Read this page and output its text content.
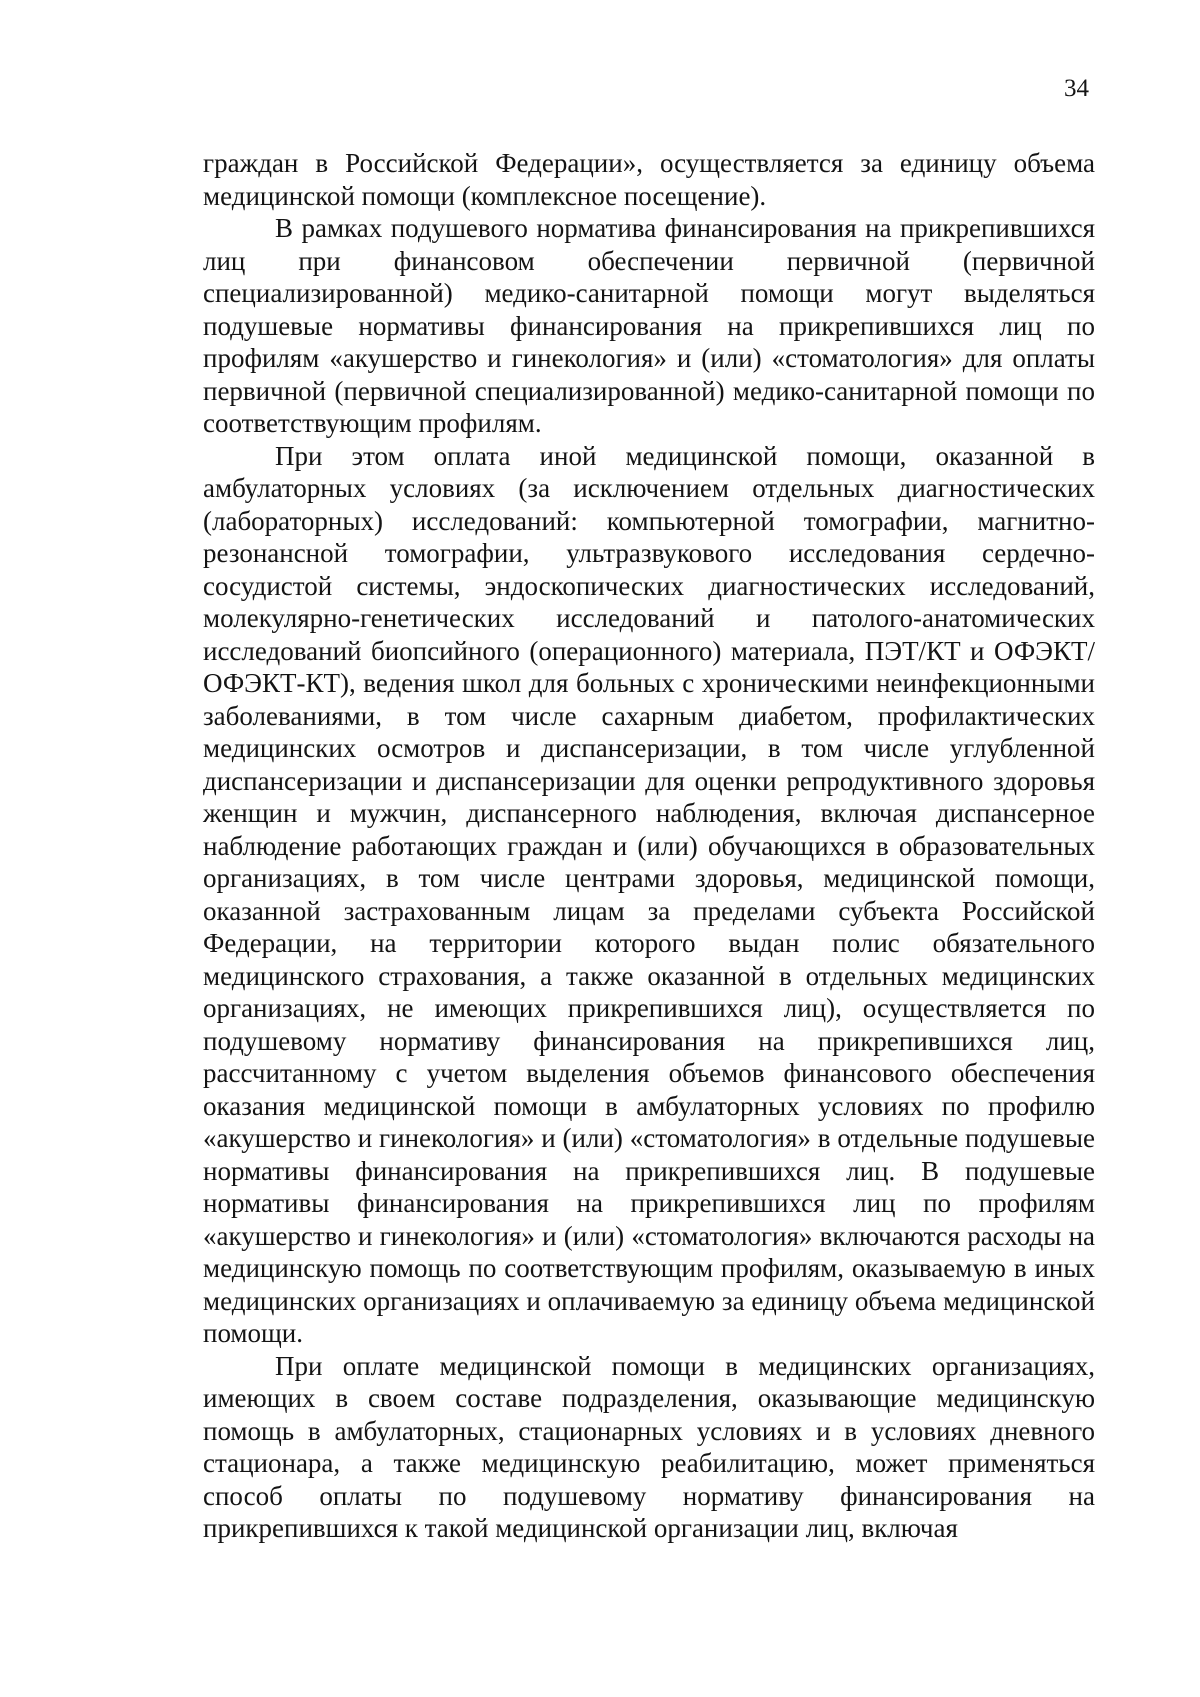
34

граждан в Российской Федерации», осуществляется за единицу объема медицинской помощи (комплексное посещение).

В рамках подушевого норматива финансирования на прикрепившихся лиц при финансовом обеспечении первичной (первичной специализированной) медико-санитарной помощи могут выделяться подушевые нормативы финансирования на прикрепившихся лиц по профилям «акушерство и гинекология» и (или) «стоматология» для оплаты первичной (первичной специализированной) медико-санитарной помощи по соответствующим профилям.

При этом оплата иной медицинской помощи, оказанной в амбулаторных условиях (за исключением отдельных диагностических (лабораторных) исследований: компьютерной томографии, магнитно-резонансной томографии, ультразвукового исследования сердечно-сосудистой системы, эндоскопических диагностических исследований, молекулярно-генетических исследований и патолого-анатомических исследований биопсийного (операционного) материала, ПЭТ/КТ и ОФЭКТ/ОФЭКТ-КТ), ведения школ для больных с хроническими неинфекционными заболеваниями, в том числе сахарным диабетом, профилактических медицинских осмотров и диспансеризации, в том числе углубленной диспансеризации и диспансеризации для оценки репродуктивного здоровья женщин и мужчин, диспансерного наблюдения, включая диспансерное наблюдение работающих граждан и (или) обучающихся в образовательных организациях, в том числе центрами здоровья, медицинской помощи, оказанной застрахованным лицам за пределами субъекта Российской Федерации, на территории которого выдан полис обязательного медицинского страхования, а также оказанной в отдельных медицинских организациях, не имеющих прикрепившихся лиц), осуществляется по подушевому нормативу финансирования на прикрепившихся лиц, рассчитанному с учетом выделения объемов финансового обеспечения оказания медицинской помощи в амбулаторных условиях по профилю «акушерство и гинекология» и (или) «стоматология» в отдельные подушевые нормативы финансирования на прикрепившихся лиц. В подушевые нормативы финансирования на прикрепившихся лиц по профилям «акушерство и гинекология» и (или) «стоматология» включаются расходы на медицинскую помощь по соответствующим профилям, оказываемую в иных медицинских организациях и оплачиваемую за единицу объема медицинской помощи.

При оплате медицинской помощи в медицинских организациях, имеющих в своем составе подразделения, оказывающие медицинскую помощь в амбулаторных, стационарных условиях и в условиях дневного стационара, а также медицинскую реабилитацию, может применяться способ оплаты по подушевому нормативу финансирования на прикрепившихся к такой медицинской организации лиц, включая
